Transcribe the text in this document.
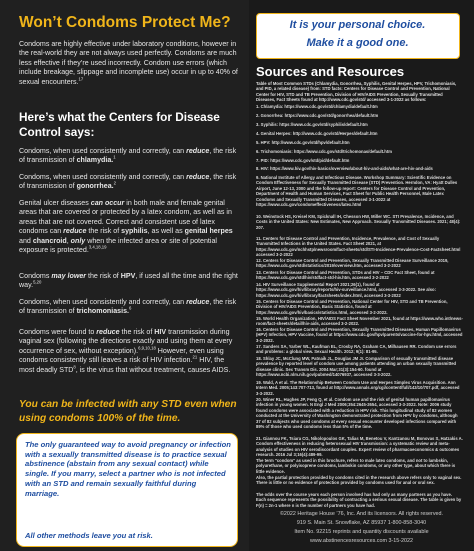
Won’t Condoms Protect Me?

Condoms are highly effective under laboratory conditions, however in the real-world they are not always used perfectly. Condoms are much less effective if they’re used incorrectly. Condom use errors (which include breakage, slippage and incomplete use) occur in up to 40% of sexual encounters.$^{17}$

Here’s what the Centers for Disease Control says:

Condoms, when used consistently and correctly, can reduce, the risk of transmission of chlamydia.$^1$

Condoms, when used consistently and correctly, can reduce, the risk of transmission of gonorrhea.$^2$

Genital ulcer diseases can occur in both male and female genital areas that are covered or protected by a latex condom, as well as in areas that are not covered. Correct and consistent use of latex condoms can reduce the risk of syphilis, as well as genital herpes and chancroid, only when the infected area or site of potential exposure is protected.$^{3,4,18,19}$

Condoms may lower the risk of HPV, if used all the time and the right way.$^{5,20}$

Condoms, when used consistently and correctly, can reduce, the risk of transmission of trichomoniasis.$^6$

Condoms were found to reduce the risk of HIV transmission during vaginal sex (following the directions exactly and using them at every occurrence of sex, without exception).$^{6,9,10,18}$ However, even using condoms consistently still leaves a risk of HIV infection.$^{21}$ HIV, the most deadly STD$^8$, is the virus that without treatment, causes AIDS.

You can be infected with any STD even when using condoms 100% of the time.

The only guaranteed way to avoid pregnancy or infection with a sexually transmitted disease is to practice sexual abstinence (abstain from any sexual contact) while single. If you marry, select a partner who is not infected with an STD and remain sexually faithful during marriage.

All other methods leave you at risk.

It is your personal choice.
Make it a good one.
Sources and Resources

Table of Most Common STDs (Chlamydia, Gonorrhea, Syphilis, Genital Herpes, HPV, Trichomoniasis, and PID, a related disease) from: STD facts: Centers for Disease Control and Prevention, National Center for HIV, STD and TB Prevention, Division of HIV/AIDS Prevention, Sexually Transmitted Diseases, Fact Sheets found at http://www.cdc.gov/std/ accessed 3-1-2022 as follows:

1. Chlamydia: https://www.cdc.gov/std/chlamydia/default.htm

2. Gonorrhea: https://www.cdc.gov/std/gonorrhea/default.htm

3. Syphilis: https://www.cdc.gov/std/syphilis/default.htm

4. Genital Herpes: http://www.cdc.gov/std/Herpes/default.htm

5. HPV: http://www.cdc.gov/std/hpv/default.htm

6. Trichomoniasis: https://www.cdc.gov/std/trichomonas/default.htm

7. PID: https://www.cdc.gov/std/pid/default.htm

8. HIV: https://www.hiv.gov/hiv-basics/overview/about-hiv-and-aids/what-are-hiv-and-aids

9. National Institute of Allergy and Infectious Disease. Workshop Summary: Scientific Evidence on Condom Effectiveness for Sexually Transmitted Disease (STD) Prevention. Herndon, VA: Hyatt Dulles Airport, June 12-13, 2000 and the follow-up report: Centers for Disease Control and Prevention, Department of Health and Human Services, Fact Sheet for Public Health Personnel, Male Latex Condoms and Sexually Transmitted Diseases, accessed 3-1-2022 at https://www.cdc.gov/condomeffectiveness/latex.html

10. Weinstock HS, Kreisel KM, Spicknall IH, Chesson HW, Miller WC. STI Prevalence, Incidence, and Costs in the United States: New Estimates, New Approach. Sexually Transmitted Diseases. 2021; 48(4): 207.

11. Centers for Disease Control and Prevention, Incidence, Prevalence, and Cost of Sexually Transmitted Infections in the United States. Fact Sheet 2021, at https://www.cdc.gov/nchhstp/newsroom/fact-sheets/std/STI-Incidence-Prevalence-Cost-Factsheet.html accessed 3-2-2022

12. Centers for Disease Control and Prevention, Sexually Transmitted Disease Surveillance 2019, https://www.cdc.gov/std/statistics/2019/overview.htm, accessed 3-2-2022

13. Centers for Disease Control and Prevention, STDs and HIV – CDC Fact Sheet, found at https://www.cdc.gov/std/hiv/stdfact-std-hiv.htm, accessed 3-2-2022

14. HIV Surveillance Supplemental Report 2021;26(1), found at https://www.cdc.gov/hiv/library/reports/hiv-surveillance.html, accessed 3-3-2022. See also: https://www.cdc.gov/hiv/library/factsheets/index.html, accessed 3-3-2022

15. Centers for Disease Control and Prevention, National Center for HIV, STD and TB Prevention, Division of HIV/AIDS Prevention, Basic Statistics, found at https://www.cdc.gov/hiv/basics/statistics.html, accessed 3-2-2022.

15. World Health Organization, HIV/AIDS Fact Sheet November 2021, found at https://www.who.int/news-room/fact-sheets/detail/hiv-aids, accessed 3-2-2022.

16. Centers for Disease Control and Prevention, Sexually Transmitted Diseases, Human Papillomavirus (HPV) Infection, HPV Vaccine, found at https://www.cdc.gov/hpv/parents/vaccine-for-hpv.html, accessed 3-2-2022.

17. Sanders SA, Yarber WL, Kaufman EL, Crosby RA, Graham CA, Milhausen RR. Condom use errors and problems: a global view. Sexual Health. 2012; 9(1): 81-95.

18. Shlay JC, McClung MW, Patnaik JL, Douglas JM Jr. Comparison of sexually transmitted disease prevalence by reported level of condom use among patients attending an urban sexually transmitted disease clinic. Sex Transm Dis. 2004 Mar;31(3):154-60. found at https://www.ncbi.nlm.nih.gov/pubmed/14076937, accessed 3-3-2022.

19. Wald, A et al. The Relationship Between Condom Use and Herpes Simplex Virus Acquisition. Ann Intern Med. 2005;143:707-713, found at http://www.annals.org/cgi/content/full/143/10/707.pdf, accessed 3-3-2022.

20. Winer RL, Hughes JP, Feng Q, et al. Condom use and the risk of genital human papillomavirus infection in young women. N Engl J Med 2006;354:2645-2654, accessed 3-3-2022. Note: 2006 study found condoms were associated with a reduction in HPV risk. This longitudinal study of 82 women conducted at the University of Washington demonstrated protection from HPV by condoms, although 37 of 82 subjects who used condoms at every sexual encounter developed infections compared with 89% of those who used condoms less than 5% of the time.

21. Giannou FK, Tsiara CG, Nikolopoulos GK, Talias M, Benetou V, Kantzanou M, Bonovas S, Hatzakis A. Condom effectiveness in reducing heterosexual HIV transmission: a systematic review and meta-analysis of studies on HIV serodiscordant couples. Expert review of pharmacoeconomics & outcomes research. 2016 Jul 3;16(4):489-99.

The term "condom" as used in this brochure, refers to male latex condoms, and not to lambskin, polyurethane, or polyisoprene condoms, lambskin condoms, or any other type, about which there is little evidence.

Also, the partial protection provided by condoms cited in the research above refers only to vaginal sex. There is little or no evidence of protection provided by condoms used for anal or oral sex.

The odds over the course years each person involved has had only as many partners as you have. Each sequence represents the possibility of contracting a serious sexual disease. The table is given by F(n) = 2n-1 where n is the number of partners you have had.

©2022 Heritage House ’76, Inc. And its licensors. All rights reserved.
919 S. Main St. Snowflake, AZ 85937 1-800-858-3040
Item No. 92215 reprints and quantity discounts available
www.abstinencesresources.com 3-15-2022
